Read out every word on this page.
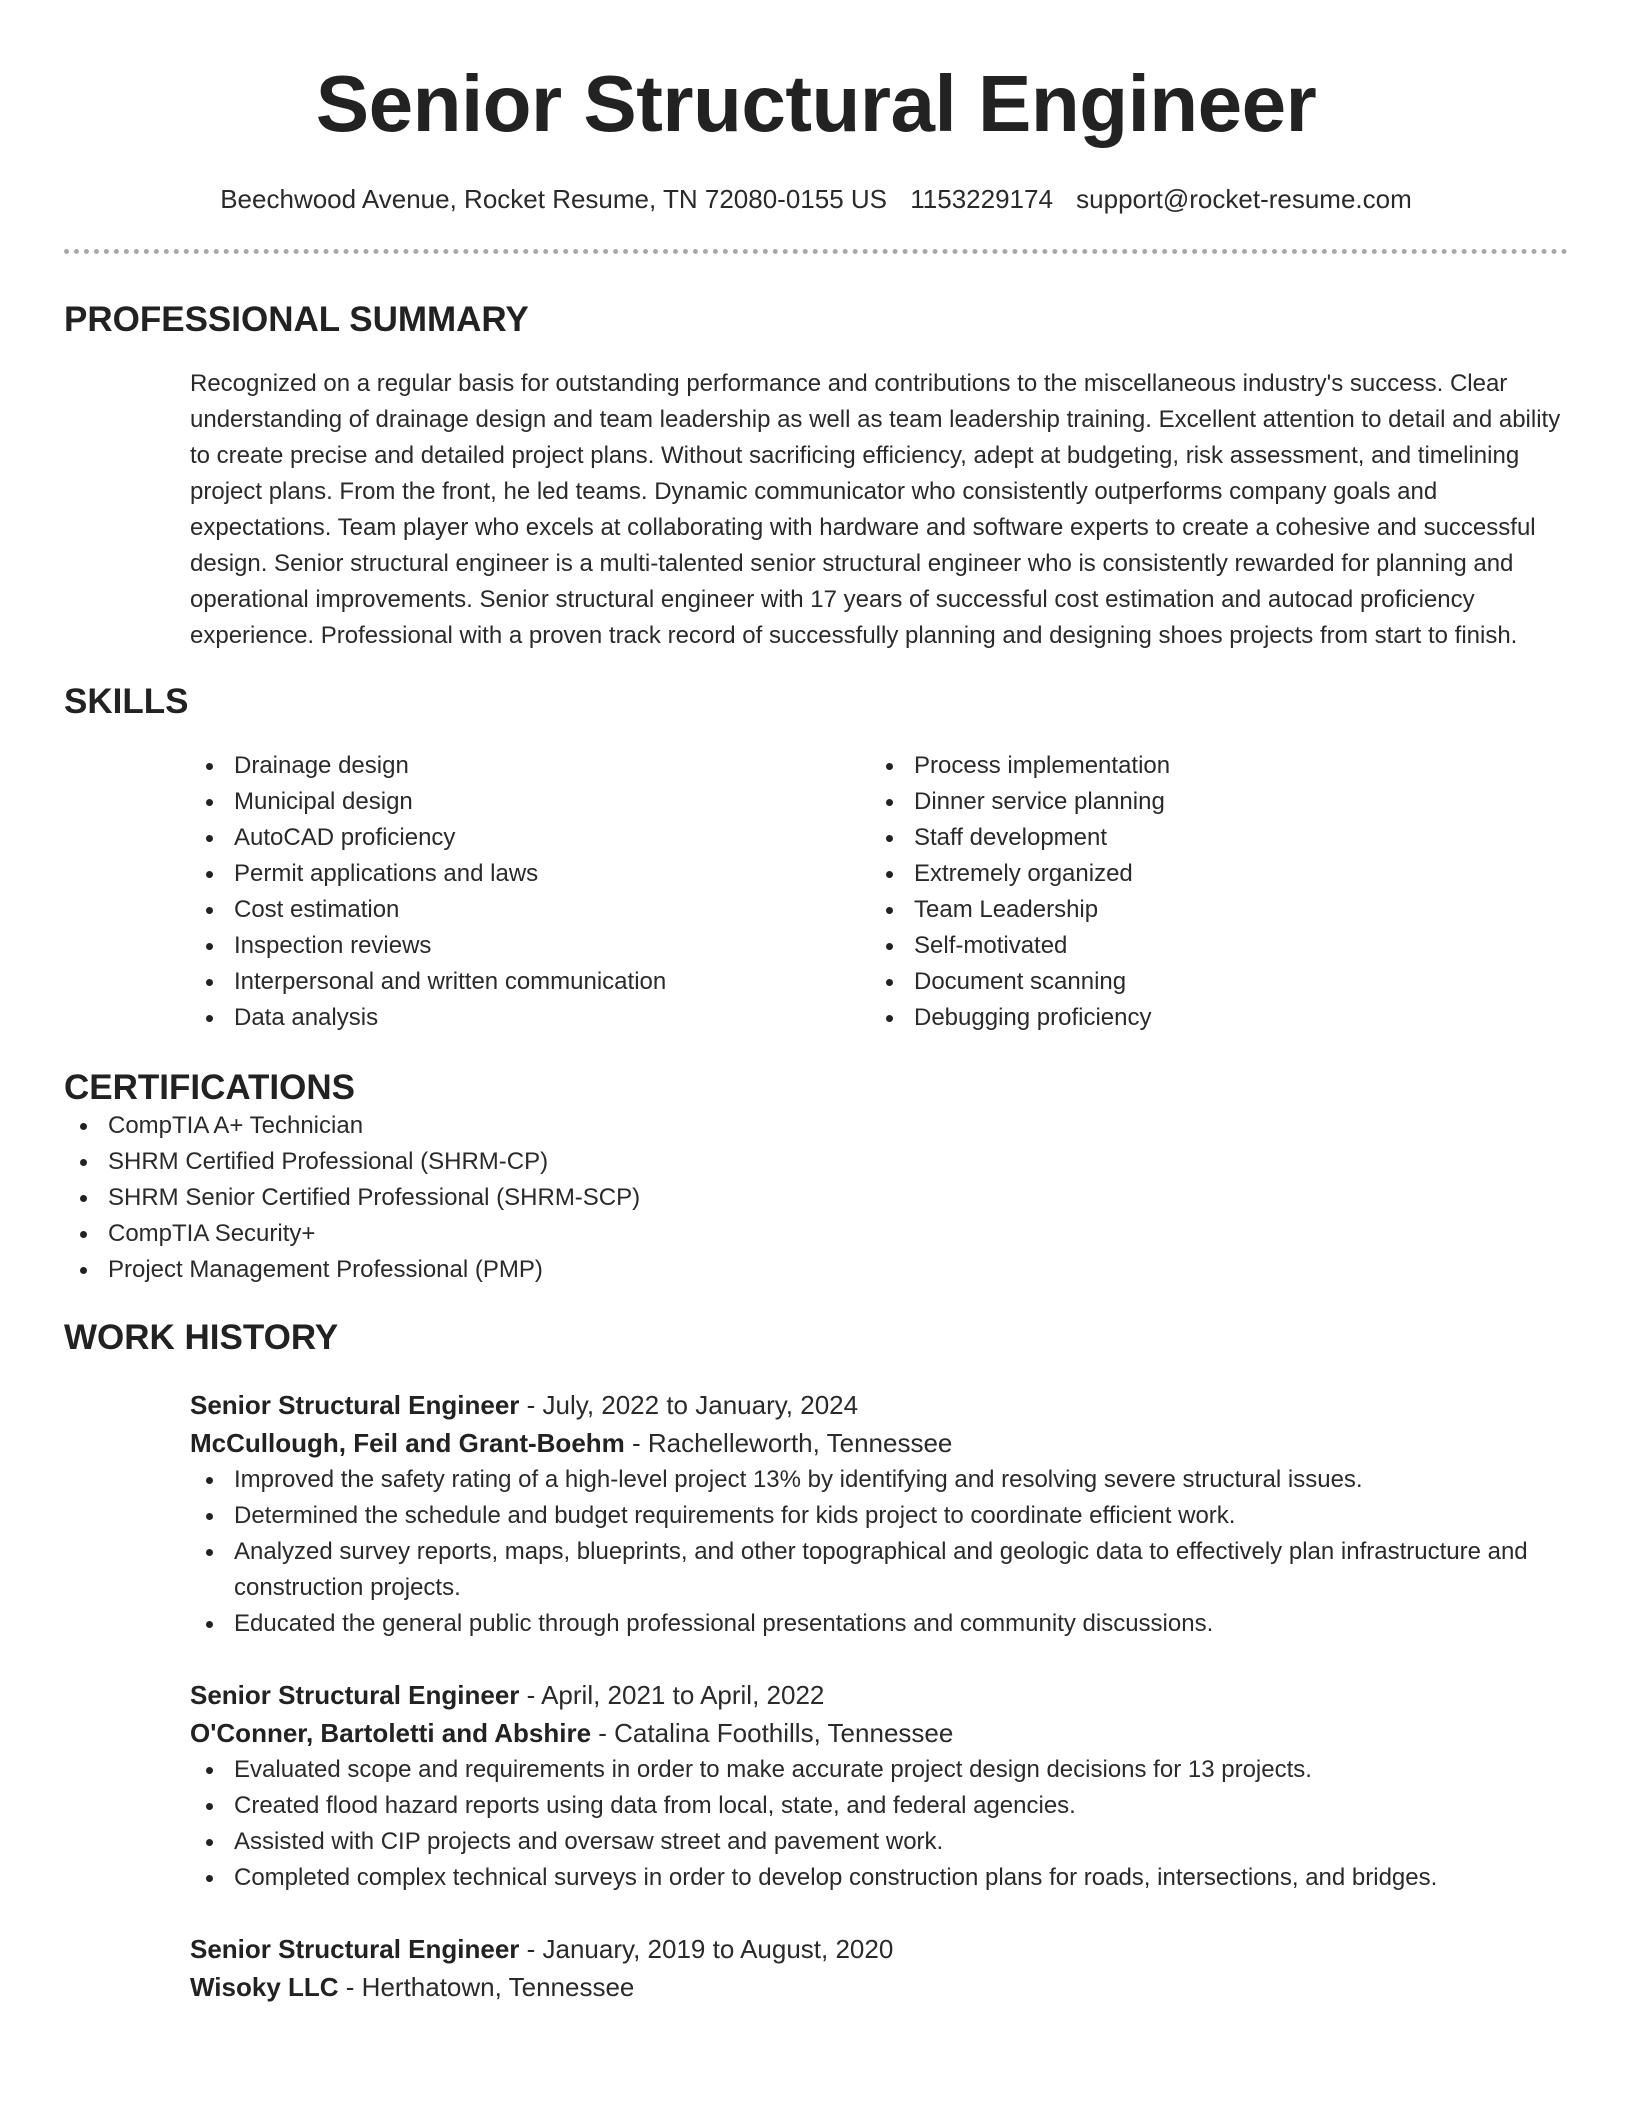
Senior Structural Engineer
Beechwood Avenue, Rocket Resume, TN 72080-0155 US 1153229174 support@rocket-resume.com
PROFESSIONAL SUMMARY

Recognized on a regular basis for outstanding performance and contributions to the miscellaneous industry's success. Clear understanding of drainage design and team leadership as well as team leadership training. Excellent attention to detail and ability to create precise and detailed project plans. Without sacrificing efficiency, adept at budgeting, risk assessment, and timelining project plans. From the front, he led teams. Dynamic communicator who consistently outperforms company goals and expectations. Team player who excels at collaborating with hardware and software experts to create a cohesive and successful design. Senior structural engineer is a multi-talented senior structural engineer who is consistently rewarded for planning and operational improvements. Senior structural engineer with 17 years of successful cost estimation and autocad proficiency experience. Professional with a proven track record of successfully planning and designing shoes projects from start to finish.

SKILLS
Drainage design
Municipal design
AutoCAD proficiency
Permit applications and laws
Cost estimation
Inspection reviews
Interpersonal and written communication
Data analysis
Process implementation
Dinner service planning
Staff development
Extremely organized
Team Leadership
Self-motivated
Document scanning
Debugging proficiency
CERTIFICATIONS
CompTIA A+ Technician
SHRM Certified Professional (SHRM-CP)
SHRM Senior Certified Professional (SHRM-SCP)
CompTIA Security+
Project Management Professional (PMP)
WORK HISTORY
Senior Structural Engineer - July, 2022 to January, 2024
McCullough, Feil and Grant-Boehm - Rachelleworth, Tennessee
Improved the safety rating of a high-level project 13% by identifying and resolving severe structural issues.
Determined the schedule and budget requirements for kids project to coordinate efficient work.
Analyzed survey reports, maps, blueprints, and other topographical and geologic data to effectively plan infrastructure and construction projects.
Educated the general public through professional presentations and community discussions.
Senior Structural Engineer - April, 2021 to April, 2022
O'Conner, Bartoletti and Abshire - Catalina Foothills, Tennessee
Evaluated scope and requirements in order to make accurate project design decisions for 13 projects.
Created flood hazard reports using data from local, state, and federal agencies.
Assisted with CIP projects and oversaw street and pavement work.
Completed complex technical surveys in order to develop construction plans for roads, intersections, and bridges.
Senior Structural Engineer - January, 2019 to August, 2020
Wisoky LLC - Herthatown, Tennessee
